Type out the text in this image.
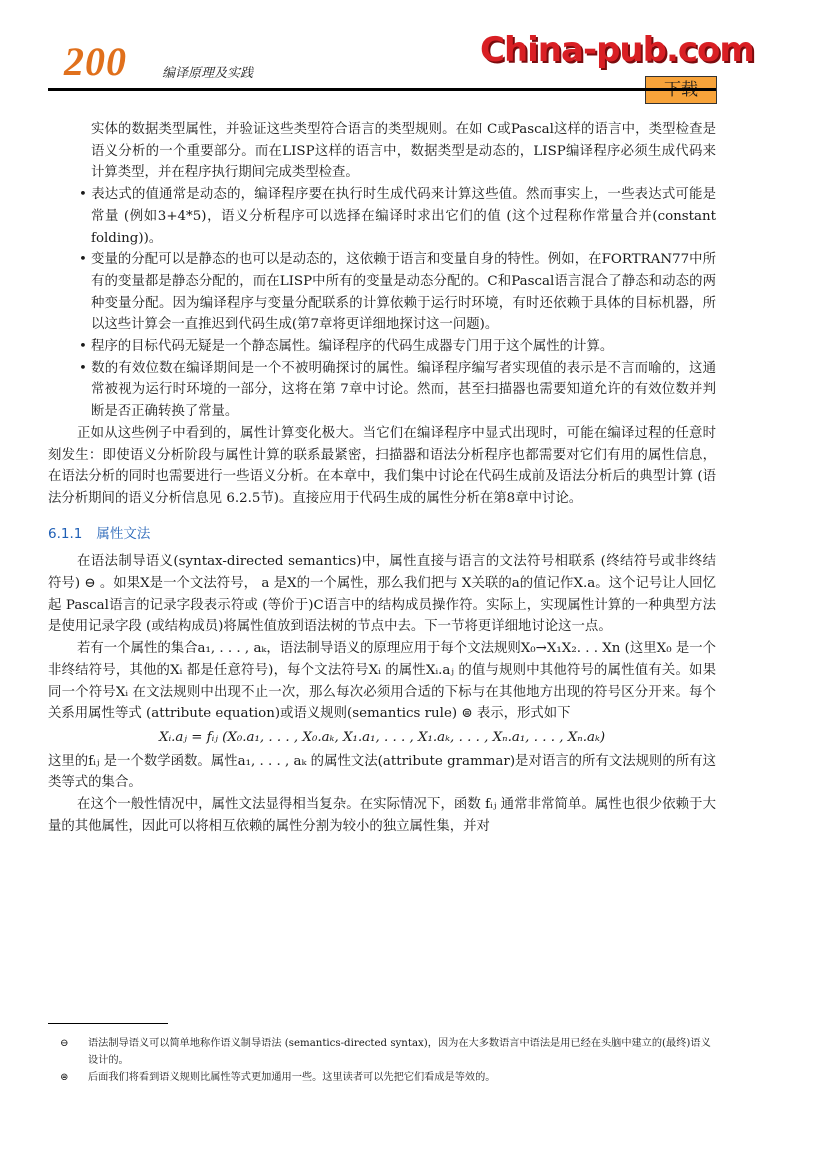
200	编译原理及实践
China-pub.com

实体的数据类型属性，并验证这些类型符合语言的类型规则。在如 C或Pascal这样的语言中，类型检查是语义分析的一个重要部分。而在LISP这样的语言中，数据类型是动态的，LISP编译程序必须生成代码来计算类型，并在程序执行期间完成类型检查。

• 表达式的值通常是动态的，编译程序要在执行时生成代码来计算这些值。然而事实上，一些表达式可能是常量 (例如3+4*5)，语义分析程序可以选择在编译时求出它们的值 (这个过程称作常量合并(constant folding))。

• 变量的分配可以是静态的也可以是动态的，这依赖于语言和变量自身的特性。例如，在FORTRAN77中所有的变量都是静态分配的，而在LISP中所有的变量是动态分配的。C和Pascal语言混合了静态和动态的两种变量分配。因为编译程序与变量分配联系的计算依赖于运行时环境，有时还依赖于具体的目标机器，所以这些计算会一直推迟到代码生成(第7章将更详细地探讨这一问题)。

• 程序的目标代码无疑是一个静态属性。编译程序的代码生成器专门用于这个属性的计算。

• 数的有效位数在编译期间是一个不被明确探讨的属性。编译程序编写者实现值的表示是不言而喻的，这通常被视为运行时环境的一部分，这将在第 7章中讨论。然而，甚至扫描器也需要知道允许的有效位数并判断是否正确转换了常量。

正如从这些例子中看到的，属性计算变化极大。当它们在编译程序中显式出现时，可能在编译过程的任意时刻发生：即使语义分析阶段与属性计算的联系最紧密，扫描器和语法分析程序也都需要对它们有用的属性信息，在语法分析的同时也需要进行一些语义分析。在本章中，我们集中讨论在代码生成前及语法分析后的典型计算 (语法分析期间的语义分析信息见 6.2.5节)。直接应用于代码生成的属性分析在第8章中讨论。

6.1.1 属性文法

在语法制导语义(syntax-directed semantics)中，属性直接与语言的文法符号相联系 (终结符号或非终结符号) ⊖ 。如果X是一个文法符号， a 是X的一个属性，那么我们把与 X关联的a的值记作X.a。这个记号让人回忆起 Pascal语言的记录字段表示符或 (等价于)C语言中的结构成员操作符。实际上，实现属性计算的一种典型方法是使用记录字段 (或结构成员)将属性值放到语法树的节点中去。下一节将更详细地讨论这一点。

若有一个属性的集合a₁, . . . , aₖ，语法制导语义的原理应用于每个文法规则X₀→X₁X₂. . . Xn (这里X₀ 是一个非终结符号，其他的Xᵢ 都是任意符号)，每个文法符号Xᵢ 的属性Xᵢ.aⱼ 的值与规则中其他符号的属性值有关。如果同一个符号Xᵢ 在文法规则中出现不止一次，那么每次必须用合适的下标与在其他地方出现的符号区分开来。每个关系用属性等式 (attribute equation)或语义规则(semantics rule) ⊜ 表示，形式如下

Xᵢ.aⱼ = fᵢⱼ (X₀.a₁, . . . , X₀.aₖ, X₁.a₁, . . . , X₁.aₖ, . . . , Xₙ.a₁, . . . , Xₙ.aₖ)

这里的fᵢⱼ 是一个数学函数。属性a₁, . . . , aₖ 的属性文法(attribute grammar)是对语言的所有文法规则的所有这类等式的集合。

在这个一般性情况中，属性文法显得相当复杂。在实际情况下，函数 fᵢⱼ 通常非常简单。属性也很少依赖于大量的其他属性，因此可以将相互依赖的属性分割为较小的独立属性集，并对

⊖ 语法制导语义可以简单地称作语义制导语法 (semantics-directed syntax)，因为在大多数语言中语法是用已经在头脑中建立的(最终)语义设计的。

⊜ 后面我们将看到语义规则比属性等式更加通用一些。这里读者可以先把它们看成是等效的。
